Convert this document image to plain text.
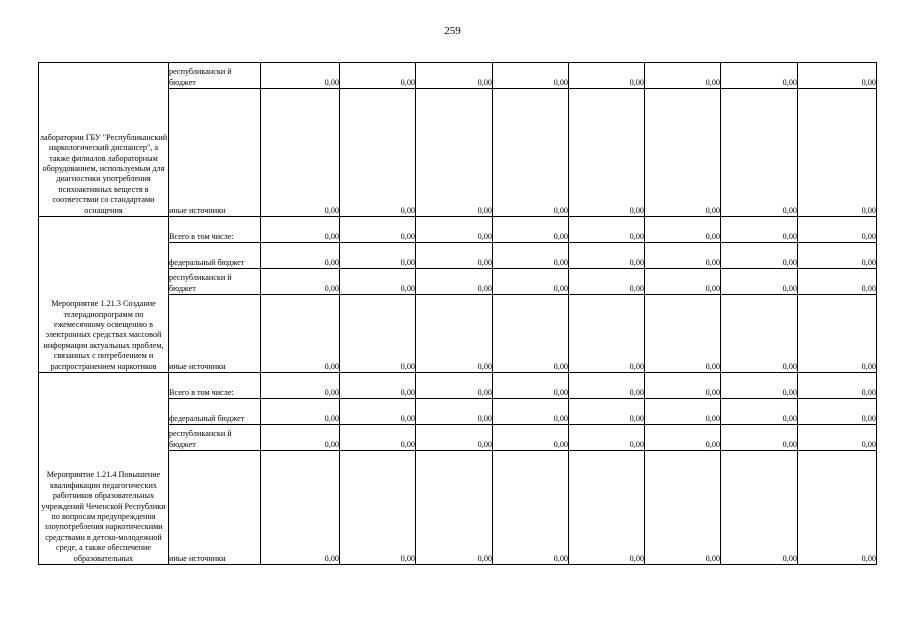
259
лаборатории ГБУ "Республиканский наркологический диспансер", а также филиалов лабораторным оборудованием, используемым для диагностики употребления психоактивных веществ в соответствии со стандартами оснащения	республикански й бюджет	0,00	0,00	0,00	0,00	0,00	0,00	0,00	0,00
	иные источники	0,00	0,00	0,00	0,00	0,00	0,00	0,00	0,00
Мероприятие 1.21.3 Создание телерадиопрограмм по ежемесячному освещению в электронных средствах массовой информации актуальных проблем, связанных с потреблением и распространением наркотиков	Всего в том числе:	0,00	0,00	0,00	0,00	0,00	0,00	0,00	0,00
	федеральный бюджет	0,00	0,00	0,00	0,00	0,00	0,00	0,00	0,00
	республикански й бюджет	0,00	0,00	0,00	0,00	0,00	0,00	0,00	0,00
	иные источники	0,00	0,00	0,00	0,00	0,00	0,00	0,00	0,00
Мероприятие 1.21.4 Повышение квалификации педагогических работников образовательных учреждений Чеченской Республики по вопросам предупреждения злоупотребления наркотическими средствами в детско-молодежной среде, а также обеспечение образовательных	Всего в том числе:	0,00	0,00	0,00	0,00	0,00	0,00	0,00	0,00
	федеральный бюджет	0,00	0,00	0,00	0,00	0,00	0,00	0,00	0,00
	республикански й бюджет	0,00	0,00	0,00	0,00	0,00	0,00	0,00	0,00
	иные источники	0,00	0,00	0,00	0,00	0,00	0,00	0,00	0,00
